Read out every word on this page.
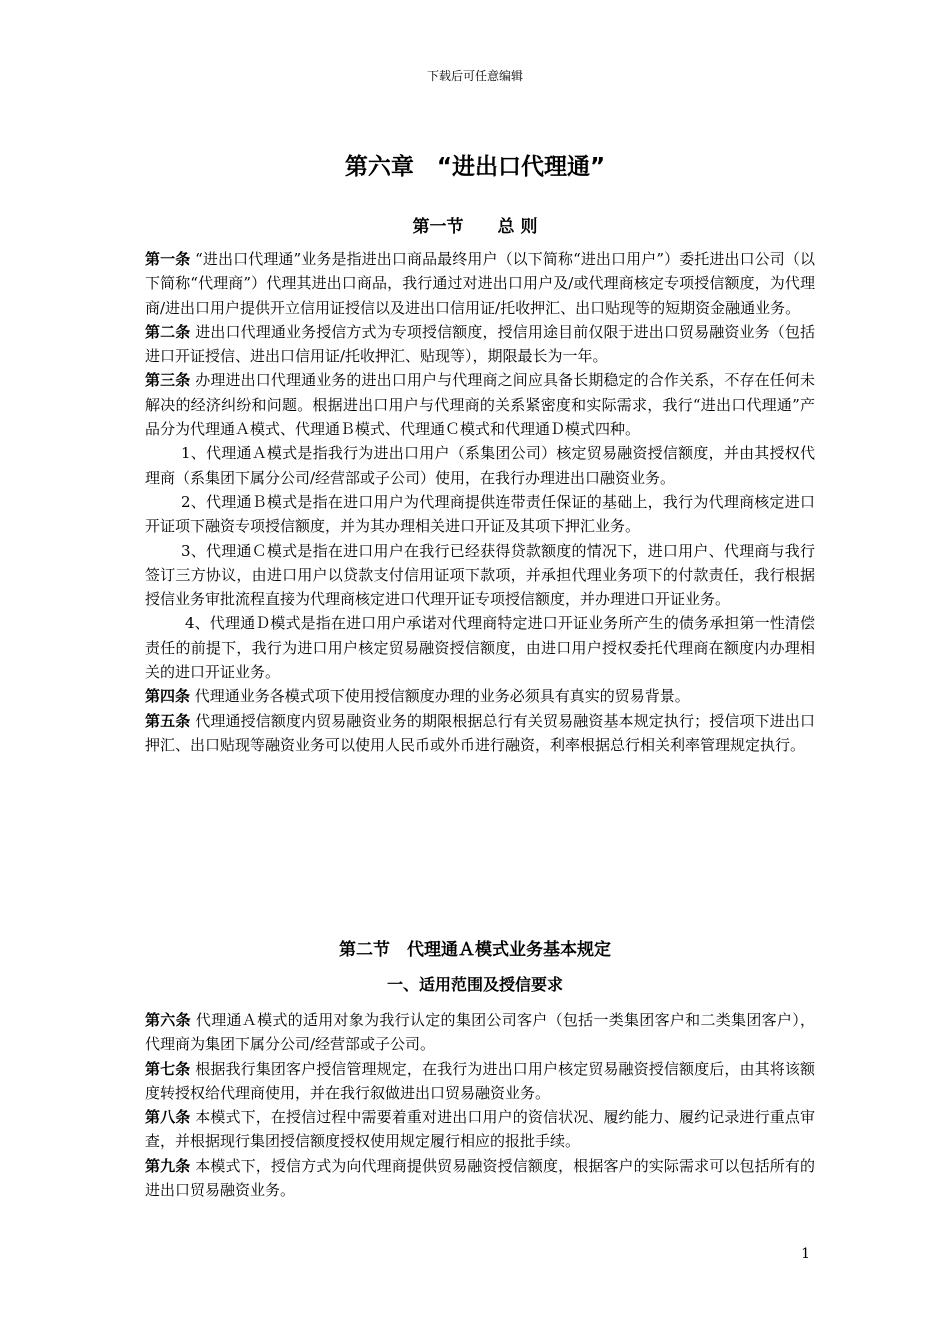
下载后可任意编辑
第六章　“进出口代理通”
第一节　　总 则

第一条 “进出口代理通”业务是指进出口商品最终用户（以下简称“进出口用户”）委托进出口公司（以下简称“代理商”）代理其进出口商品，我行通过对进出口用户及/或代理商核定专项授信额度，为代理商/进出口用户提供开立信用证授信以及进出口信用证/托收押汇、出口贴现等的短期资金融通业务。

第二条 进出口代理通业务授信方式为专项授信额度，授信用途目前仅限于进出口贸易融资业务（包括进口开证授信、进出口信用证/托收押汇、贴现等），期限最长为一年。

第三条 办理进出口代理通业务的进出口用户与代理商之间应具备长期稳定的合作关系，不存在任何未解决的经济纠纷和问题。根据进出口用户与代理商的关系紧密度和实际需求，我行“进出口代理通”产品分为代理通Ａ模式、代理通Ｂ模式、代理通Ｃ模式和代理通Ｄ模式四种。

1、代理通Ａ模式是指我行为进出口用户（系集团公司）核定贸易融资授信额度，并由其授权代理商（系集团下属分公司/经营部或子公司）使用，在我行办理进出口融资业务。

2、代理通Ｂ模式是指在进口用户为代理商提供连带责任保证的基础上，我行为代理商核定进口开证项下融资专项授信额度，并为其办理相关进口开证及其项下押汇业务。

3、代理通Ｃ模式是指在进口用户在我行已经获得贷款额度的情况下，进口用户、代理商与我行签订三方协议，由进口用户以贷款支付信用证项下款项，并承担代理业务项下的付款责任，我行根据授信业务审批流程直接为代理商核定进口代理开证专项授信额度，并办理进口开证业务。

4、代理通Ｄ模式是指在进口用户承诺对代理商特定进口开证业务所产生的债务承担第一性清偿责任的前提下，我行为进口用户核定贸易融资授信额度，由进口用户授权委托代理商在额度内办理相关的进口开证业务。

第四条 代理通业务各模式项下使用授信额度办理的业务必须具有真实的贸易背景。

第五条 代理通授信额度内贸易融资业务的期限根据总行有关贸易融资基本规定执行；授信项下进出口押汇、出口贴现等融资业务可以使用人民币或外币进行融资，利率根据总行相关利率管理规定执行。

第二节　代理通Ａ模式业务基本规定
一、适用范围及授信要求

第六条 代理通Ａ模式的适用对象为我行认定的集团公司客户（包括一类集团客户和二类集团客户），代理商为集团下属分公司/经营部或子公司。

第七条 根据我行集团客户授信管理规定，在我行为进出口用户核定贸易融资授信额度后，由其将该额度转授权给代理商使用，并在我行叙做进出口贸易融资业务。

第八条 本模式下，在授信过程中需要着重对进出口用户的资信状况、履约能力、履约记录进行重点审查，并根据现行集团授信额度授权使用规定履行相应的报批手续。

第九条 本模式下，授信方式为向代理商提供贸易融资授信额度，根据客户的实际需求可以包括所有的进出口贸易融资业务。

1
